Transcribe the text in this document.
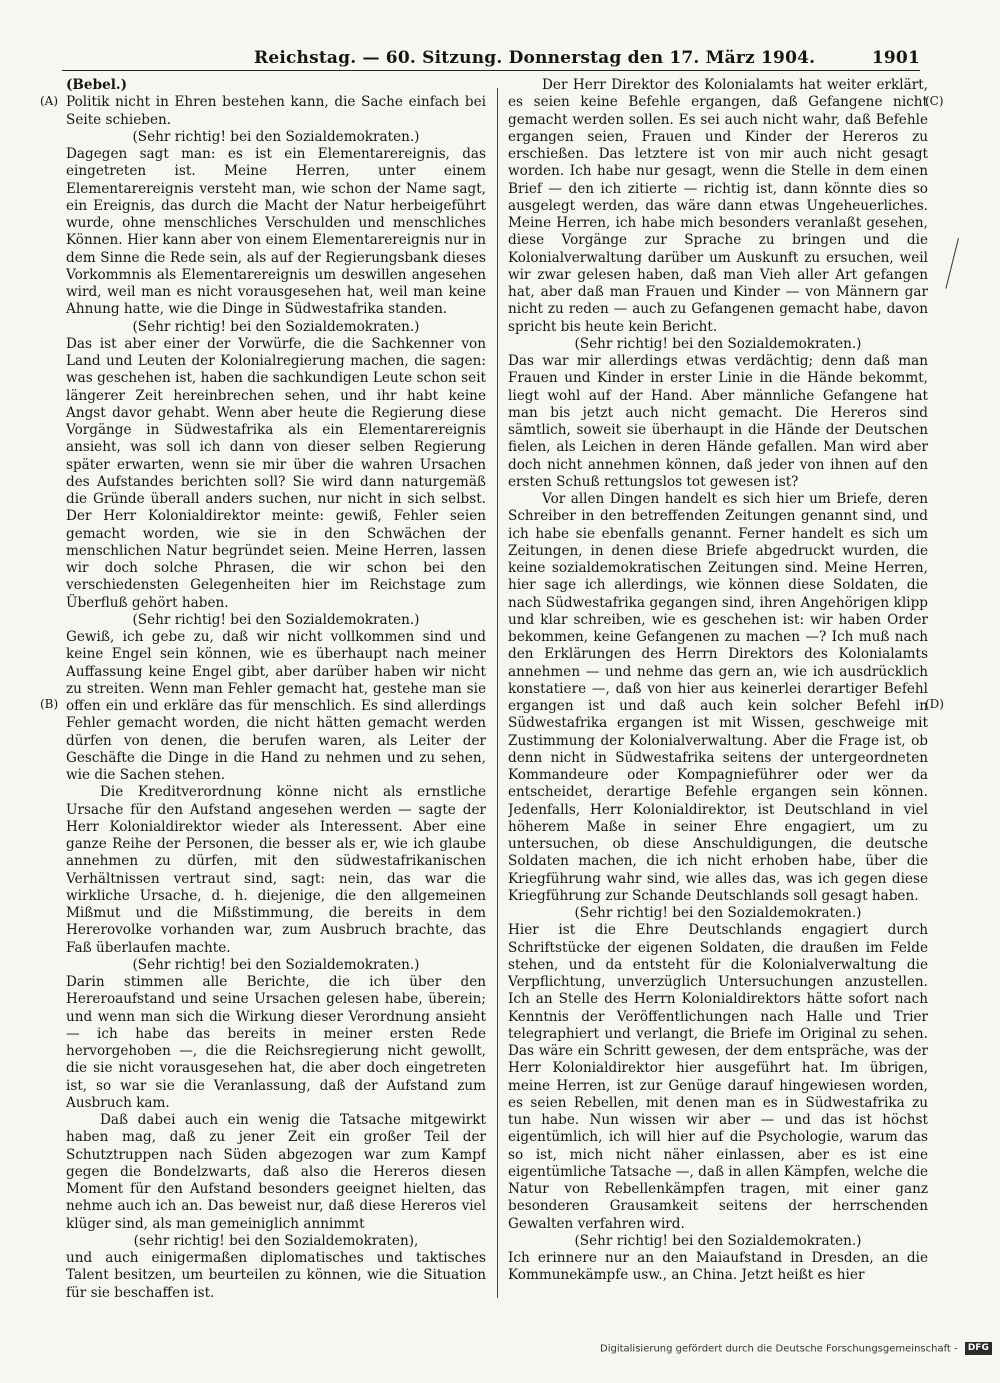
Reichstag. — 60. Sitzung. Donnerstag den 17. März 1904.	1901
(A)
(B)
(C)
(D)

(Bebel.)

Politik nicht in Ehren bestehen kann, die Sache einfach bei Seite schieben.

(Sehr richtig! bei den Sozialdemokraten.)

Dagegen sagt man: es ist ein Elementarereignis, das eingetreten ist. Meine Herren, unter einem Elementarereignis versteht man, wie schon der Name sagt, ein Ereignis, das durch die Macht der Natur herbeigeführt wurde, ohne menschliches Verschulden und menschliches Können. Hier kann aber von einem Elementarereignis nur in dem Sinne die Rede sein, als auf der Regierungsbank dieses Vorkommnis als Elementarereignis um deswillen angesehen wird, weil man es nicht vorausgesehen hat, weil man keine Ahnung hatte, wie die Dinge in Südwestafrika standen.

(Sehr richtig! bei den Sozialdemokraten.)

Das ist aber einer der Vorwürfe, die die Sachkenner von Land und Leuten der Kolonialregierung machen, die sagen: was geschehen ist, haben die sachkundigen Leute schon seit längerer Zeit hereinbrechen sehen, und ihr habt keine Angst davor gehabt. Wenn aber heute die Regierung diese Vorgänge in Südwestafrika als ein Elementarereignis ansieht, was soll ich dann von dieser selben Regierung später erwarten, wenn sie mir über die wahren Ursachen des Aufstandes berichten soll? Sie wird dann naturgemäß die Gründe überall anders suchen, nur nicht in sich selbst. Der Herr Kolonialdirektor meinte: gewiß, Fehler seien gemacht worden, wie sie in den Schwächen der menschlichen Natur begründet seien. Meine Herren, lassen wir doch solche Phrasen, die wir schon bei den verschiedensten Gelegenheiten hier im Reichstage zum Überfluß gehört haben.

(Sehr richtig! bei den Sozialdemokraten.)

Gewiß, ich gebe zu, daß wir nicht vollkommen sind und keine Engel sein können, wie es überhaupt nach meiner Auffassung keine Engel gibt, aber darüber haben wir nicht zu streiten. Wenn man Fehler gemacht hat, gestehe man sie offen ein und erkläre das für menschlich. Es sind allerdings Fehler gemacht worden, die nicht hätten gemacht werden dürfen von denen, die berufen waren, als Leiter der Geschäfte die Dinge in die Hand zu nehmen und zu sehen, wie die Sachen stehen.

Die Kreditverordnung könne nicht als ernstliche Ursache für den Aufstand angesehen werden — sagte der Herr Kolonialdirektor wieder als Interessent. Aber eine ganze Reihe der Personen, die besser als er, wie ich glaube annehmen zu dürfen, mit den südwestafrikanischen Verhältnissen vertraut sind, sagt: nein, das war die wirkliche Ursache, d. h. diejenige, die den allgemeinen Mißmut und die Mißstimmung, die bereits in dem Hererovolke vorhanden war, zum Ausbruch brachte, das Faß überlaufen machte.

(Sehr richtig! bei den Sozialdemokraten.)

Darin stimmen alle Berichte, die ich über den Hereroaufstand und seine Ursachen gelesen habe, überein; und wenn man sich die Wirkung dieser Verordnung ansieht — ich habe das bereits in meiner ersten Rede hervorgehoben —, die die Reichsregierung nicht gewollt, die sie nicht vorausgesehen hat, die aber doch eingetreten ist, so war sie die Veranlassung, daß der Aufstand zum Ausbruch kam.

Daß dabei auch ein wenig die Tatsache mitgewirkt haben mag, daß zu jener Zeit ein großer Teil der Schutztruppen nach Süden abgezogen war zum Kampf gegen die Bondelzwarts, daß also die Hereros diesen Moment für den Aufstand besonders geeignet hielten, das nehme auch ich an. Das beweist nur, daß diese Hereros viel klüger sind, als man gemeiniglich annimmt

(sehr richtig! bei den Sozialdemokraten),

und auch einigermaßen diplomatisches und taktisches Talent besitzen, um beurteilen zu können, wie die Situation für sie beschaffen ist.

Der Herr Direktor des Kolonialamts hat weiter erklärt, es seien keine Befehle ergangen, daß Gefangene nicht gemacht werden sollen. Es sei auch nicht wahr, daß Befehle ergangen seien, Frauen und Kinder der Hereros zu erschießen. Das letztere ist von mir auch nicht gesagt worden. Ich habe nur gesagt, wenn die Stelle in dem einen Brief — den ich zitierte — richtig ist, dann könnte dies so ausgelegt werden, das wäre dann etwas Ungeheuerliches. Meine Herren, ich habe mich besonders veranlaßt gesehen, diese Vorgänge zur Sprache zu bringen und die Kolonialverwaltung darüber um Auskunft zu ersuchen, weil wir zwar gelesen haben, daß man Vieh aller Art gefangen hat, aber daß man Frauen und Kinder — von Männern gar nicht zu reden — auch zu Gefangenen gemacht habe, davon spricht bis heute kein Bericht.

(Sehr richtig! bei den Sozialdemokraten.)

Das war mir allerdings etwas verdächtig; denn daß man Frauen und Kinder in erster Linie in die Hände bekommt, liegt wohl auf der Hand. Aber männliche Gefangene hat man bis jetzt auch nicht gemacht. Die Hereros sind sämtlich, soweit sie überhaupt in die Hände der Deutschen fielen, als Leichen in deren Hände gefallen. Man wird aber doch nicht annehmen können, daß jeder von ihnen auf den ersten Schuß rettungslos tot gewesen ist?

Vor allen Dingen handelt es sich hier um Briefe, deren Schreiber in den betreffenden Zeitungen genannt sind, und ich habe sie ebenfalls genannt. Ferner handelt es sich um Zeitungen, in denen diese Briefe abgedruckt wurden, die keine sozialdemokratischen Zeitungen sind. Meine Herren, hier sage ich allerdings, wie können diese Soldaten, die nach Südwestafrika gegangen sind, ihren Angehörigen klipp und klar schreiben, wie es geschehen ist: wir haben Order bekommen, keine Gefangenen zu machen —? Ich muß nach den Erklärungen des Herrn Direktors des Kolonialamts annehmen — und nehme das gern an, wie ich ausdrücklich konstatiere —, daß von hier aus keinerlei derartiger Befehl ergangen ist und daß auch kein solcher Befehl in Südwestafrika ergangen ist mit Wissen, geschweige mit Zustimmung der Kolonialverwaltung. Aber die Frage ist, ob denn nicht in Südwestafrika seitens der untergeordneten Kommandeure oder Kompagnieführer oder wer da entscheidet, derartige Befehle ergangen sein können. Jedenfalls, Herr Kolonialdirektor, ist Deutschland in viel höherem Maße in seiner Ehre engagiert, um zu untersuchen, ob diese Anschuldigungen, die deutsche Soldaten machen, die ich nicht erhoben habe, über die Kriegführung wahr sind, wie alles das, was ich gegen diese Kriegführung zur Schande Deutschlands soll gesagt haben.

(Sehr richtig! bei den Sozialdemokraten.)

Hier ist die Ehre Deutschlands engagiert durch Schriftstücke der eigenen Soldaten, die draußen im Felde stehen, und da entsteht für die Kolonialverwaltung die Verpflichtung, unverzüglich Untersuchungen anzustellen. Ich an Stelle des Herrn Kolonialdirektors hätte sofort nach Kenntnis der Veröffentlichungen nach Halle und Trier telegraphiert und verlangt, die Briefe im Original zu sehen. Das wäre ein Schritt gewesen, der dem entspräche, was der Herr Kolonialdirektor hier ausgeführt hat. Im übrigen, meine Herren, ist zur Genüge darauf hingewiesen worden, es seien Rebellen, mit denen man es in Südwestafrika zu tun habe. Nun wissen wir aber — und das ist höchst eigentümlich, ich will hier auf die Psychologie, warum das so ist, mich nicht näher einlassen, aber es ist eine eigentümliche Tatsache —, daß in allen Kämpfen, welche die Natur von Rebellenkämpfen tragen, mit einer ganz besonderen Grausamkeit seitens der herrschenden Gewalten verfahren wird.

(Sehr richtig! bei den Sozialdemokraten.)

Ich erinnere nur an den Maiaufstand in Dresden, an die Kommunekämpfe usw., an China. Jetzt heißt es hier

Digitalisierung gefördert durch die Deutsche Forschungsgemeinschaft - DFG
